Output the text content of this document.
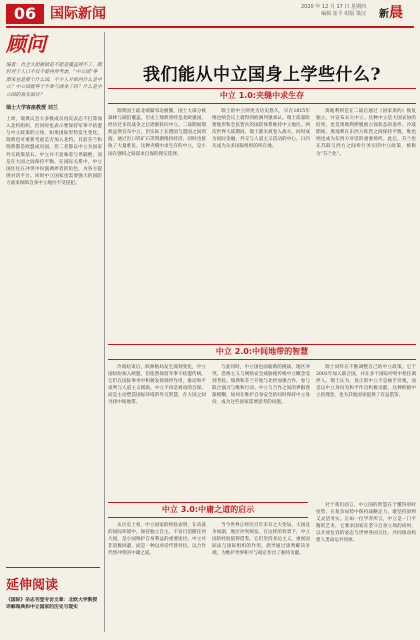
06 国际新闻	2020 年 12 月 17 日 星期四
编辑 崔平 组版 梁汉	新晨
顾问
编者：自全大把握就是不能是覆盖掉不了，随时对于人口不仅不能再所考虑，“中立国”等原来也是那个什么国，不少人开始问什么是中立？中立国就等于不参与战争了吗？什么是中立国的真实面目？
瑞士大学客座教授 刘兰
上周，瑞典议会大多数成员再次表态不打算加入北约组织，但同时也表示要保持军事不结盟与中立政策的立场，如果国际形势发生变化，瑞典也可重新考虑是否加入北约。目前芬兰和瑞典都是欧盟成员国，但二者都以中立为国家外交政策基石。中立并不意味着与世隔绝，而是在大国之间保持平衡。在国际关系中，中立国往往在冲突中扮演调停者的角色，为各方提供对话平台。同时中立国家也需要强大的国防力量来保障自身中立地位不受侵犯。
延伸阅读
《国际》杂志刊登专访文章：北欧大学教授详解瑞典和中立国家的历史与现实
我们能从中立国身上学些什么?
中立 1.0:夹缝中求生存

瑞典国土最北端紧邻北极圈，国土大部分被森林与湖泊覆盖。历史上瑞典曾经是北欧强国，经历过多次战争之后逐渐转向中立。二战期间瑞典虽然宣布中立，但实际上在德国与盟国之间周旋，通过出口铁矿石等资源维持经济，同时也接收了大量难民。这种夹缝中求生存的中立，是小国在强权之间谋求自保的现实选择。

瑞士的中立则更为历史悠久，早在1815年维也纳会议上就得到欧洲列强承认。瑞士依靠险要地形和全民皆兵的国防体系维持中立地位。两次世界大战期间，瑞士都未被卷入战火，同时成为国际金融、外交与人道主义活动的中心。日内瓦成为众多国际组织的所在地。

奥地利则是在二战后通过《国家条约》恢复独立，并宣布永久中立。这种中立是大国妥协的结果，也是奥地利摆脱被占领状态的条件。冷战期间，奥地利在东西方阵营之间保持平衡，维也纳也成为东西方对话的重要场所。此后，芬兰也在苏联与西方之间奉行务实的中立政策，被称为“芬兰化”。

中立 2.0:中间地带的智慧

冷战结束后，欧洲格局发生深刻变化，中立国纷纷加入欧盟，但依然保留军事不结盟传统。它们在国际事务中积极发挥调停作用，推动和平谈判与人道主义援助。中立不再是被动的自保，而是主动塑造国际环境的外交智慧，在大国之间寻找中间地带。

与此同时，中立国也面临新的挑战。地区冲突、恐怖主义与网络安全威胁使传统中立概念受到考验。瑞典和芬兰开始与北约加强合作，参与联合演习与维和行动。中立与合作之间的界限逐渐模糊，如何在维护自身安全的同时保持中立身份，成为这些国家需要思考的问题。

瑞士同样在不断调整自己的中立政策。它于2002年加入联合国，并在多个国际冲突中担任调停人。瑞士认为，真正的中立不是袖手旁观，而是以中立身份为和平作出积极贡献。这种积极中立的理念，也为其他国家提供了有益借鉴。

中立 3.0:中庸之道的启示

从历史上看，中立国家的经验表明，在动荡的国际环境中，保持独立自主、不盲目追随任何大国，是小国维护自身利益的重要途径。中立并非消极回避，而是一种以对话代替对抗、以合作代替冲突的中庸之道。

当今世界正经历百年未有之大变局，大国竞争加剧，地区冲突频发。在这样的背景下，中立国的经验值得借鉴。它们坚持多边主义，重视国际法与国际组织的作用，倡导通过谈判解决争端，为维护世界和平与稳定作出了独特贡献。

对于我们而言，中立国的智慧在于懂得审时度势，在复杂局势中保持战略定力，既坚持原则又灵活务实。正如一位学者所言，中立是一门平衡的艺术，它要求国家在坚守自身立场的同时，以开放包容的姿态与世界各国交往，共同推动构建人类命运共同体。
